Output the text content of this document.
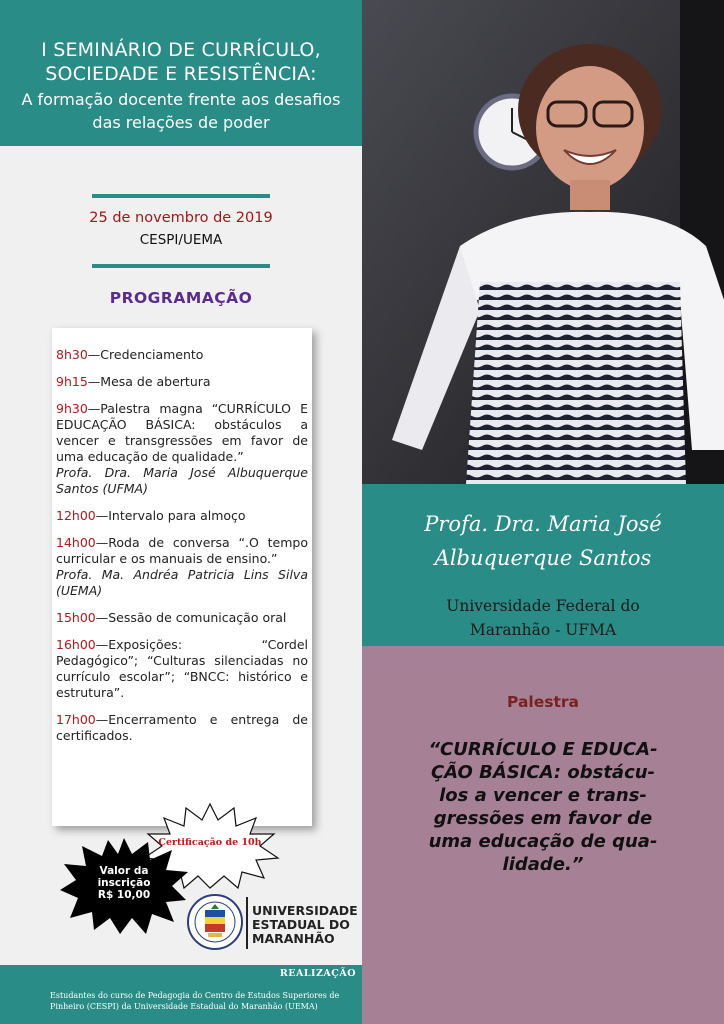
I SEMINÁRIO DE CURRÍCULO,
SOCIEDADE E RESISTÊNCIA:
A formação docente frente aos desafios
das relações de poder
25 de novembro de 2019
CESPI/UEMA
PROGRAMAÇÃO
8h30—Credenciamento
9h15—Mesa de abertura
9h30—Palestra magna “CURRÍCULO E EDUCAÇÃO BÁSICA: obstáculos a vencer e transgressões em favor de uma educação de qualidade.”
Profa. Dra. Maria José Albuquerque Santos (UFMA)
12h00—Intervalo para almoço
14h00—Roda de conversa “.O tempo curricular e os manuais de ensino.”
Profa. Ma. Andréa Patricia Lins Silva (UEMA)
15h00—Sessão de comunicação oral
16h00—Exposições: “Cordel Pedagógico”; “Culturas silenciadas no currículo escolar”; “BNCC: histórico e estrutura”.
17h00—Encerramento e entrega de certificados.
Certificação de 10h
Valor da
inscrição
R$ 10,00
UNIVERSIDADE
ESTADUAL DO
MARANHÃO
REALIZAÇÃO
Estudantes do curso de Pedagogia do Centro de Estudos Superiores de Pinheiro (CESPI) da Universidade Estadual do Maranhão (UEMA)
Profa. Dra. Maria José
Albuquerque Santos
Universidade Federal do
Maranhão - UFMA
Palestra
“CURRÍCULO E EDUCA-
ÇÃO BÁSICA: obstácu-
los a vencer e trans-
gressões em favor de
uma educação de qua-
lidade.”
